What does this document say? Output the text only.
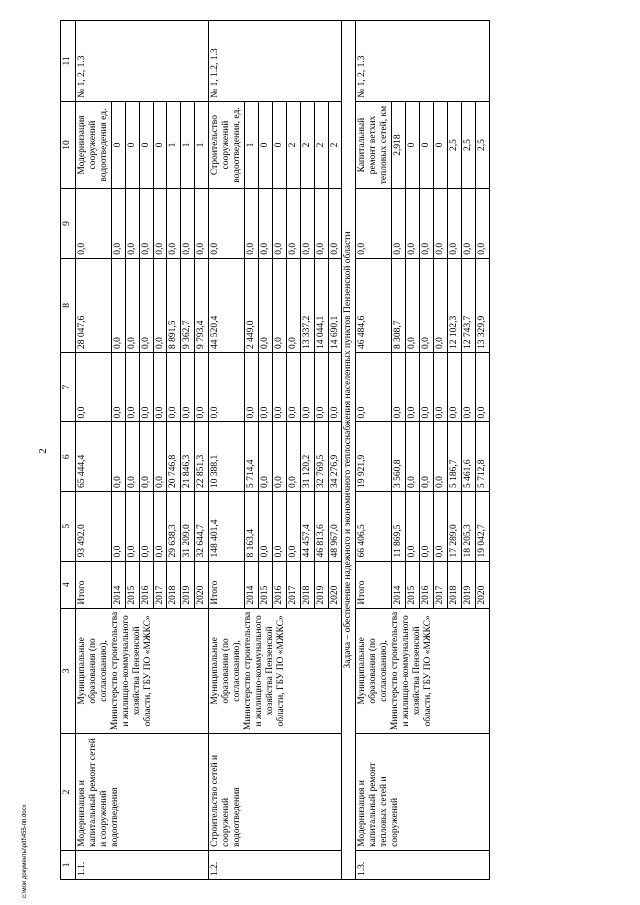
2
c:\мои документы\pdf\455-пп.docx	1	2	3	4	5	6	7	8	9	10	11
1.1.	Модернизация и капитальный ремонт сетей и сооружений водоотведения	Муниципальные образования (по согласованию), Министерство строительства и жилищно-коммунального хозяйства Пензенской области, ГБУ ПО «МЖКС»	Итого	93 492,0	65 444,4	0,0	28 047,6	0,0	Модернизация сооружений водоотведения ед.	№ 1, 2, 1.3
			2014	0,0	0,0	0,0	0,0	0,0	0	
			2015	0,0	0,0	0,0	0,0	0,0	0	
			2016	0,0	0,0	0,0	0,0	0,0	0	
			2017	0,0	0,0	0,0	0,0	0,0	0	
			2018	29 638,3	20 746,8	0,0	8 891,5	0,0	1	
			2019	31 209,0	21 846,3	0,0	9 362,7	0,0	1	
			2020	32 644,7	22 851,3	0,0	9 793,4	0,0	1	
1.2.	Строительство сетей и сооружений водоотведения	Муниципальные образования (по согласованию), Министерство строительства и жилищно-коммунального хозяйства Пензенской области, ГБУ ПО «МЖКС»	Итого	148 401,4	10 388,1	0,0	44 520,4	0,0	Строительство сооружений водоотведения, ед.	№ 1, 1.2, 1.3
			2014	8 163,4	5 714,4	0,0	2 449,0	0,0	1	
			2015	0,0	0,0	0,0	0,0	0,0	0	
			2016	0,0	0,0	0,0	0,0	0,0	0	
			2017	0,0	0,0	0,0	0,0	0,0	2	
			2018	44 457,4	31 120,2	0,0	13 337,2	0,0	2	
			2019	46 813,6	32 769,5	0,0	14 044,1	0,0	2	
			2020	48 967,0	34 276,9	0,0	14 690,1	0,0	2	
Задача – обеспечение надежного и экономичного теплоснабжения населенных пунктов Пензенской области										
1.3.	Модернизация и капитальный ремонт тепловых сетей и сооружений	Муниципальные образования (по согласованию), Министерство строительства и жилищно-коммунального хозяйства Пензенской области, ГБУ ПО «МЖКС»	Итого	66 406,5	19 921,9	0,0	46 484,6	0,0	Капитальный ремонт ветхих тепловых сетей, км	№ 1, 2, 1.3
			2014	11 869,5	3 560,8	0,0	8 308,7	0,0	2,918	
			2015	0,0	0,0	0,0	0,0	0,0	0	
			2016	0,0	0,0	0,0	0,0	0,0	0	
			2017	0,0	0,0	0,0	0,0	0,0	0	
			2018	17 289,0	5 186,7	0,0	12 102,3	0,0	2,5	
			2019	18 205,3	5 461,6	0,0	12 743,7	0,0	2,5	
			2020	19 042,7	5 712,8	0,0	13 329,9	0,0	2,5	
